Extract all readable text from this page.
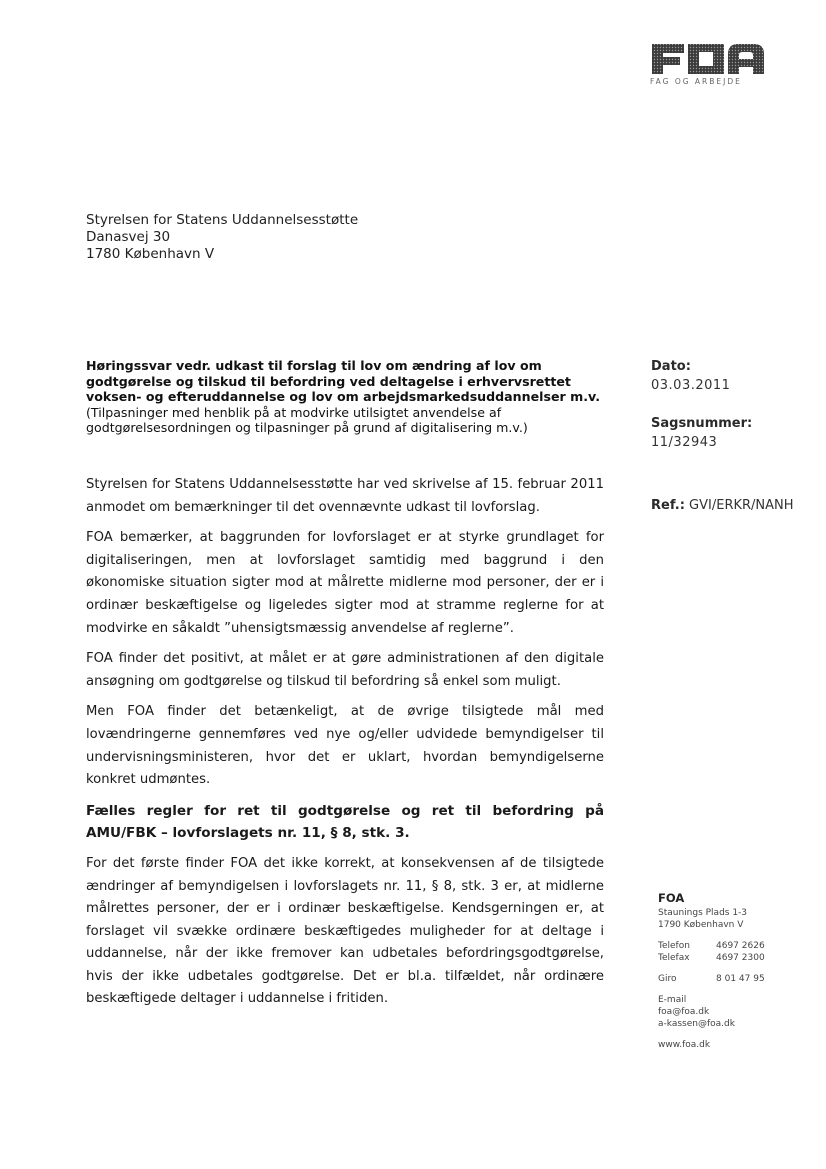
FAG OG ARBEJDE
Styrelsen for Statens Uddannelsesstøtte
Danasvej 30
1780 København V
Høringssvar vedr. udkast til forslag til lov om ændring af lov om godtgørelse og tilskud til befordring ved deltagelse i erhvervsrettet voksen- og efteruddannelse og lov om arbejdsmarkedsuddannelser m.v. (Tilpasninger med henblik på at modvirke utilsigtet anvendelse af godtgørelsesordningen og tilpasninger på grund af digitalisering m.v.)
Dato:
03.03.2011
Sagsnummer:
11/32943
Ref.: GVI/ERKR/NANH

Styrelsen for Statens Uddannelsesstøtte har ved skrivelse af 15. februar 2011 anmodet om bemærkninger til det ovennævnte udkast til lovforslag.

FOA bemærker, at baggrunden for lovforslaget er at styrke grundlaget for digitaliseringen, men at lovforslaget samtidig med baggrund i den økonomiske situation sigter mod at målrette midlerne mod personer, der er i ordinær beskæftigelse og ligeledes sigter mod at stramme reglerne for at modvirke en såkaldt ”uhensigtsmæssig anvendelse af reglerne”.

FOA finder det positivt, at målet er at gøre administrationen af den digitale ansøgning om godtgørelse og tilskud til befordring så enkel som muligt.

Men FOA finder det betænkeligt, at de øvrige tilsigtede mål med lovændringerne gennemføres ved nye og/eller udvidede bemyndigelser til undervisningsministeren, hvor det er uklart, hvordan bemyndigelserne konkret udmøntes.

Fælles regler for ret til godtgørelse og ret til befordring på AMU/FBK – lovforslagets nr. 11, § 8, stk. 3.

For det første finder FOA det ikke korrekt, at konsekvensen af de tilsigtede ændringer af bemyndigelsen i lovforslagets nr. 11, § 8, stk. 3 er, at midlerne målrettes personer, der er i ordinær beskæftigelse. Kendsgerningen er, at forslaget vil svække ordinære beskæftigedes muligheder for at deltage i uddannelse, når der ikke fremover kan udbetales befordringsgodtgørelse, hvis der ikke udbetales godtgørelse. Det er bl.a. tilfældet, når ordinære beskæftigede deltager i uddannelse i fritiden.

FOA
Staunings Plads 1-3
1790 København V
Telefon	4697 2626
Telefax	4697 2300
Giro	8 01 47 95
E-mail
foa@foa.dk
a-kassen@foa.dk
www.foa.dk
